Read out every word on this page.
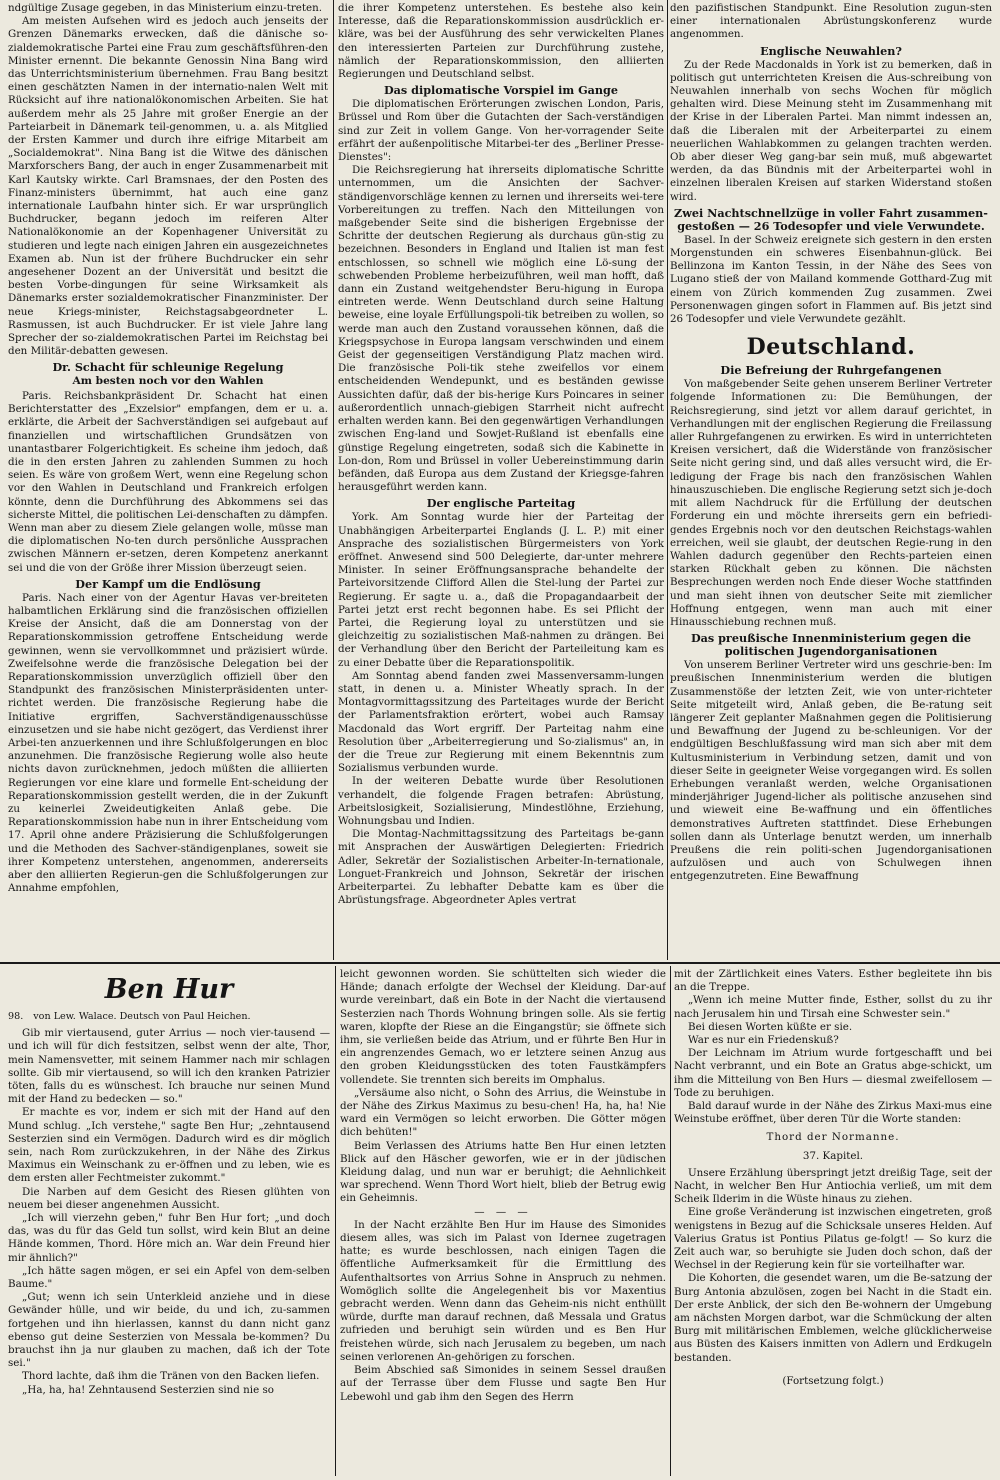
ndgültige Zusage gegeben, in das Ministerium einzu-treten.

Am meisten Aufsehen wird es jedoch auch jenseits der Grenzen Dänemarks erwecken, daß die dänische so-zialdemokratische Partei eine Frau zum geschäftsführen-den Minister ernennt. Die bekannte Genossin Nina Bang wird das Unterrichtsministerium übernehmen. Frau Bang besitzt einen geschätzten Namen in der internatio-nalen Welt mit Rücksicht auf ihre nationalökonomischen Arbeiten. Sie hat außerdem mehr als 25 Jahre mit großer Energie an der Parteiarbeit in Dänemark teil-genommen, u. a. als Mitglied der Ersten Kammer und durch ihre eifrige Mitarbeit am „Socialdemokrat". Nina Bang ist die Witwe des dänischen Marxforschers Bang, der auch in enger Zusammenarbeit mit Karl Kautsky wirkte. Carl Bramsnaes, der den Posten des Finanz-ministers übernimmt, hat auch eine ganz internationale Laufbahn hinter sich. Er war ursprünglich Buchdrucker, begann jedoch im reiferen Alter Nationalökonomie an der Kopenhagener Universität zu studieren und legte nach einigen Jahren ein ausgezeichnetes Examen ab. Nun ist der frühere Buchdrucker ein sehr angesehener Dozent an der Universität und besitzt die besten Vorbe-dingungen für seine Wirksamkeit als Dänemarks erster sozialdemokratischer Finanzminister. Der neue Kriegs-minister, Reichstagsabgeordneter L. Rasmussen, ist auch Buchdrucker. Er ist viele Jahre lang Sprecher der so-zialdemokratischen Partei im Reichstag bei den Militär-debatten gewesen.

Dr. Schacht für schleunige Regelung
Am besten noch vor den Wahlen

Paris. Reichsbankpräsident Dr. Schacht hat einen Berichterstatter des „Exzelsior" empfangen, dem er u. a. erklärte, die Arbeit der Sachverständigen sei aufgebaut auf finanziellen und wirtschaftlichen Grundsätzen von unantastbarer Folgerichtigkeit. Es scheine ihm jedoch, daß die in den ersten Jahren zu zahlenden Summen zu hoch seien. Es wäre von großem Wert, wenn eine Regelung schon vor den Wahlen in Deutschland und Frankreich erfolgen könnte, denn die Durchführung des Abkommens sei das sicherste Mittel, die politischen Lei-denschaften zu dämpfen. Wenn man aber zu diesem Ziele gelangen wolle, müsse man die diplomatischen No-ten durch persönliche Aussprachen zwischen Männern er-setzen, deren Kompetenz anerkannt sei und die von der Größe ihrer Mission überzeugt seien.

Der Kampf um die Endlösung

Paris. Nach einer von der Agentur Havas ver-breiteten halbamtlichen Erklärung sind die französischen offiziellen Kreise der Ansicht, daß die am Donnerstag von der Reparationskommission getroffene Entscheidung werde gewinnen, wenn sie vervollkommnet und präzisiert würde. Zweifelsohne werde die französische Delegation bei der Reparationskommission unverzüglich offiziell über den Standpunkt des französischen Ministerpräsidenten unter-richtet werden. Die französische Regierung habe die Initiative ergriffen, Sachverständigenausschüsse einzusetzen und sie habe nicht gezögert, das Verdienst ihrer Arbei-ten anzuerkennen und ihre Schlußfolgerungen en bloc anzunehmen. Die französische Regierung wolle also heute nichts davon zurücknehmen, jedoch müßten die alliierten Regierungen vor eine klare und formelle Ent-scheidung der Reparationskommission gestellt werden, die in der Zukunft zu keinerlei Zweideutigkeiten Anlaß gebe. Die Reparationskommission habe nun in ihrer Entscheidung vom 17. April ohne andere Präzisierung die Schlußfolgerungen und die Methoden des Sachver-ständigenplanes, soweit sie ihrer Kompetenz unterstehen, angenommen, andererseits aber den alliierten Regierun-gen die Schlußfolgerungen zur Annahme empfohlen,

die ihrer Kompetenz unterstehen. Es bestehe also kein Interesse, daß die Reparationskommission ausdrücklich er-kläre, was bei der Ausführung des sehr verwickelten Planes den interessierten Parteien zur Durchführung zustehe, nämlich der Reparationskommission, den alliierten Regierungen und Deutschland selbst.

Das diplomatische Vorspiel im Gange

Die diplomatischen Erörterungen zwischen London, Paris, Brüssel und Rom über die Gutachten der Sach-verständigen sind zur Zeit in vollem Gange. Von her-vorragender Seite erfährt der außenpolitische Mitarbei-ter des „Berliner Presse-Dienstes":

Die Reichsregierung hat ihrerseits diplomatische Schritte unternommen, um die Ansichten der Sachver-ständigenvorschläge kennen zu lernen und ihrerseits wei-tere Vorbereitungen zu treffen. Nach den Mitteilungen von maßgebender Seite sind die bisherigen Ergebnisse der Schritte der deutschen Regierung als durchaus gün-stig zu bezeichnen. Besonders in England und Italien ist man fest entschlossen, so schnell wie möglich eine Lö-sung der schwebenden Probleme herbeizuführen, weil man hofft, daß dann ein Zustand weitgehendster Beru-higung in Europa eintreten werde. Wenn Deutschland durch seine Haltung beweise, eine loyale Erfüllungspoli-tik betreiben zu wollen, so werde man auch den Zustand voraussehen können, daß die Kriegspsychose in Europa langsam verschwinden und einem Geist der gegenseitigen Verständigung Platz machen wird. Die französische Poli-tik stehe zweifellos vor einem entscheidenden Wendepunkt, und es beständen gewisse Aussichten dafür, daß der bis-herige Kurs Poincares in seiner außerordentlich unnach-giebigen Starrheit nicht aufrecht erhalten werden kann. Bei den gegenwärtigen Verhandlungen zwischen Eng-land und Sowjet-Rußland ist ebenfalls eine günstige Regelung eingetreten, sodaß sich die Kabinette in Lon-don, Rom und Brüssel in voller Uebereinstimmung darin befänden, daß Europa aus dem Zustand der Kriegsge-fahren herausgeführt werden kann.

Der englische Parteitag

York. Am Sonntag wurde hier der Parteitag der Unabhängigen Arbeiterpartei Englands (J. L. P.) mit einer Ansprache des sozialistischen Bürgermeisters von York eröffnet. Anwesend sind 500 Delegierte, dar-unter mehrere Minister. In seiner Eröffnungsansprache behandelte der Parteivorsitzende Clifford Allen die Stel-lung der Partei zur Regierung. Er sagte u. a., daß die Propagandaarbeit der Partei jetzt erst recht begonnen habe. Es sei Pflicht der Partei, die Regierung loyal zu unterstützen und sie gleichzeitig zu sozialistischen Maß-nahmen zu drängen. Bei der Verhandlung über den Bericht der Parteileitung kam es zu einer Debatte über die Reparationspolitik.

Am Sonntag abend fanden zwei Massenversamm-lungen statt, in denen u. a. Minister Wheatly sprach. In der Montagvormittagssitzung des Parteitages wurde der Bericht der Parlamentsfraktion erörtert, wobei auch Ramsay Macdonald das Wort ergriff. Der Parteitag nahm eine Resolution über „Arbeiterregierung und So-zialismus" an, in der die Treue zur Regierung mit einem Bekenntnis zum Sozialismus verbunden wurde.

In der weiteren Debatte wurde über Resolutionen verhandelt, die folgende Fragen betrafen: Abrüstung, Arbeitslosigkeit, Sozialisierung, Mindestlöhne, Erziehung, Wohnungsbau und Indien.

Die Montag-Nachmittagssitzung des Parteitags be-gann mit Ansprachen der Auswärtigen Delegierten: Friedrich Adler, Sekretär der Sozialistischen Arbeiter-In-ternationale, Longuet-Frankreich und Johnson, Sekretär der irischen Arbeiterpartei. Zu lebhafter Debatte kam es über die Abrüstungsfrage. Abgeordneter Aples vertrat

den pazifistischen Standpunkt. Eine Resolution zugun-sten einer internationalen Abrüstungskonferenz wurde angenommen.

Englische Neuwahlen?

Zu der Rede Macdonalds in York ist zu bemerken, daß in politisch gut unterrichteten Kreisen die Aus-schreibung von Neuwahlen innerhalb von sechs Wochen für möglich gehalten wird. Diese Meinung steht im Zusammenhang mit der Krise in der Liberalen Partei. Man nimmt indessen an, daß die Liberalen mit der Arbeiterpartei zu einem neuerlichen Wahlabkommen zu gelangen trachten werden. Ob aber dieser Weg gang-bar sein muß, muß abgewartet werden, da das Bündnis mit der Arbeiterpartei wohl in einzelnen liberalen Kreisen auf starken Widerstand stoßen wird.

Zwei Nachtschnellzüge in voller Fahrt zusammen-gestoßen — 26 Todesopfer und viele Verwundete.

Basel. In der Schweiz ereignete sich gestern in den ersten Morgenstunden ein schweres Eisenbahnun-glück. Bei Bellinzona im Kanton Tessin, in der Nähe des Sees von Lugano stieß der von Mailand kommende Gotthard-Zug mit einem von Zürich kommenden Zug zusammen. Zwei Personenwagen gingen sofort in Flammen auf. Bis jetzt sind 26 Todesopfer und viele Verwundete gezählt.

Deutschland.
Die Befreiung der Ruhrgefangenen

Von maßgebender Seite gehen unserem Berliner Vertreter folgende Informationen zu: Die Bemühungen, der Reichsregierung, sind jetzt vor allem darauf gerichtet, in Verhandlungen mit der englischen Regierung die Freilassung aller Ruhrgefangenen zu erwirken. Es wird in unterrichteten Kreisen versichert, daß die Widerstände von französischer Seite nicht gering sind, und daß alles versucht wird, die Er-ledigung der Frage bis nach den französischen Wahlen hinauszuschieben. Die englische Regierung setzt sich je-doch mit allem Nachdruck für die Erfüllung der deutschen Forderung ein und möchte ihrerseits gern ein befriedi-gendes Ergebnis noch vor den deutschen Reichstags-wahlen erreichen, weil sie glaubt, der deutschen Regie-rung in den Wahlen dadurch gegenüber den Rechts-parteien einen starken Rückhalt geben zu können. Die nächsten Besprechungen werden noch Ende dieser Woche stattfinden und man sieht ihnen von deutscher Seite mit ziemlicher Hoffnung entgegen, wenn man auch mit einer Hinausschiebung rechnen muß.

Das preußische Innenministerium gegen die politischen Jugendorganisationen

Von unserem Berliner Vertreter wird uns geschrie-ben: Im preußischen Innenministerium werden die blutigen Zusammenstöße der letzten Zeit, wie von unter-richteter Seite mitgeteilt wird, Anlaß geben, die Be-ratung seit längerer Zeit geplanter Maßnahmen gegen die Politisierung und Bewaffnung der Jugend zu be-schleunigen. Vor der endgültigen Beschlußfassung wird man sich aber mit dem Kultusministerium in Verbindung setzen, damit und von dieser Seite in geeigneter Weise vorgegangen wird. Es sollen Erhebungen veranlaßt werden, welche Organisationen minderjähriger Jugend-licher als politische anzusehen sind und wieweit eine Be-waffnung und ein öffentliches demonstratives Auftreten stattfindet. Diese Erhebungen sollen dann als Unterlage benutzt werden, um innerhalb Preußens die rein politi-schen Jugendorganisationen aufzulösen und auch von Schulwegen ihnen entgegenzutreten. Eine Bewaffnung

Ben Hur
98. von Lew. Walace. Deutsch von Paul Heichen.

Gib mir viertausend, guter Arrius — noch vier-tausend — und ich will für dich festsitzen, selbst wenn der alte, Thor, mein Namensvetter, mit seinem Hammer nach mir schlagen sollte. Gib mir viertausend, so will ich den kranken Patrizier töten, falls du es wünschest. Ich brauche nur seinen Mund mit der Hand zu bedecken — so."

Er machte es vor, indem er sich mit der Hand auf den Mund schlug. „Ich verstehe," sagte Ben Hur; „zehntausend Sesterzien sind ein Vermögen. Dadurch wird es dir möglich sein, nach Rom zurückzukehren, in der Nähe des Zirkus Maximus ein Weinschank zu er-öffnen und zu leben, wie es dem ersten aller Fechtmeister zukommt."

Die Narben auf dem Gesicht des Riesen glühten von neuem bei dieser angenehmen Aussicht.

„Ich will vierzehn geben," fuhr Ben Hur fort; „und doch das, was du für das Geld tun sollst, wird kein Blut an deine Hände kommen, Thord. Höre mich an. War dein Freund hier mir ähnlich?"

„Ich hätte sagen mögen, er sei ein Apfel von dem-selben Baume."

„Gut; wenn ich sein Unterkleid anziehe und in diese Gewänder hülle, und wir beide, du und ich, zu-sammen fortgehen und ihn hierlassen, kannst du dann nicht ganz ebenso gut deine Sesterzien von Messala be-kommen? Du brauchst ihn ja nur glauben zu machen, daß ich der Tote sei."

Thord lachte, daß ihm die Tränen von den Backen liefen.

„Ha, ha, ha! Zehntausend Sesterzien sind nie so

leicht gewonnen worden. Sie schüttelten sich wieder die Hände; danach erfolgte der Wechsel der Kleidung. Dar-auf wurde vereinbart, daß ein Bote in der Nacht die viertausend Sesterzien nach Thords Wohnung bringen solle. Als sie fertig waren, klopfte der Riese an die Eingangstür; sie öffnete sich ihm, sie verließen beide das Atrium, und er führte Ben Hur in ein angrenzendes Gemach, wo er letztere seinen Anzug aus den groben Kleidungsstücken des toten Faustkämpfers vollendete. Sie trennten sich bereits im Omphalus.

„Versäume also nicht, o Sohn des Arrius, die Weinstube in der Nähe des Zirkus Maximus zu besu-chen! Ha, ha, ha! Nie ward ein Vermögen so leicht erworben. Die Götter mögen dich behüten!"

Beim Verlassen des Atriums hatte Ben Hur einen letzten Blick auf den Häscher geworfen, wie er in der jüdischen Kleidung dalag, und nun war er beruhigt; die Aehnlichkeit war sprechend. Wenn Thord Wort hielt, blieb der Betrug ewig ein Geheimnis.

— — —

In der Nacht erzählte Ben Hur im Hause des Simonides diesem alles, was sich im Palast von Idernee zugetragen hatte; es wurde beschlossen, nach einigen Tagen die öffentliche Aufmerksamkeit für die Ermittlung des Aufenthaltsortes von Arrius Sohne in Anspruch zu nehmen. Womöglich sollte die Angelegenheit bis vor Maxentius gebracht werden. Wenn dann das Geheim-nis nicht enthüllt würde, durfte man darauf rechnen, daß Messala und Gratus zufrieden und beruhigt sein würden und es Ben Hur freistehen würde, sich nach Jerusalem zu begeben, um nach seinen verlorenen An-gehörigen zu forschen.

Beim Abschied saß Simonides in seinem Sessel draußen auf der Terrasse über dem Flusse und sagte Ben Hur Lebewohl und gab ihm den Segen des Herrn

mit der Zärtlichkeit eines Vaters. Esther begleitete ihn bis an die Treppe.

„Wenn ich meine Mutter finde, Esther, sollst du zu ihr nach Jerusalem hin und Tirsah eine Schwester sein."

Bei diesen Worten küßte er sie.

War es nur ein Friedenskuß?

Der Leichnam im Atrium wurde fortgeschafft und bei Nacht verbrannt, und ein Bote an Gratus abge-schickt, um ihm die Mitteilung von Ben Hurs — diesmal zweifellosem — Tode zu beruhigen.

Bald darauf wurde in der Nähe des Zirkus Maxi-mus eine Weinstube eröffnet, über deren Tür die Worte standen:

Thord der Normanne.

37. Kapitel.

Unsere Erzählung überspringt jetzt dreißig Tage, seit der Nacht, in welcher Ben Hur Antiochia verließ, um mit dem Scheik Ilderim in die Wüste hinaus zu ziehen.

Eine große Veränderung ist inzwischen eingetreten, groß wenigstens in Bezug auf die Schicksale unseres Helden. Auf Valerius Gratus ist Pontius Pilatus ge-folgt! — So kurz die Zeit auch war, so beruhigte sie Juden doch schon, daß der Wechsel in der Regierung kein für sie vorteilhafter war.

Die Kohorten, die gesendet waren, um die Be-satzung der Burg Antonia abzulösen, zogen bei Nacht in die Stadt ein. Der erste Anblick, der sich den Be-wohnern der Umgebung am nächsten Morgen darbot, war die Schmückung der alten Burg mit militärischen Emblemen, welche glücklicherweise aus Büsten des Kaisers inmitten von Adlern und Erdkugeln bestanden.

(Fortsetzung folgt.)
